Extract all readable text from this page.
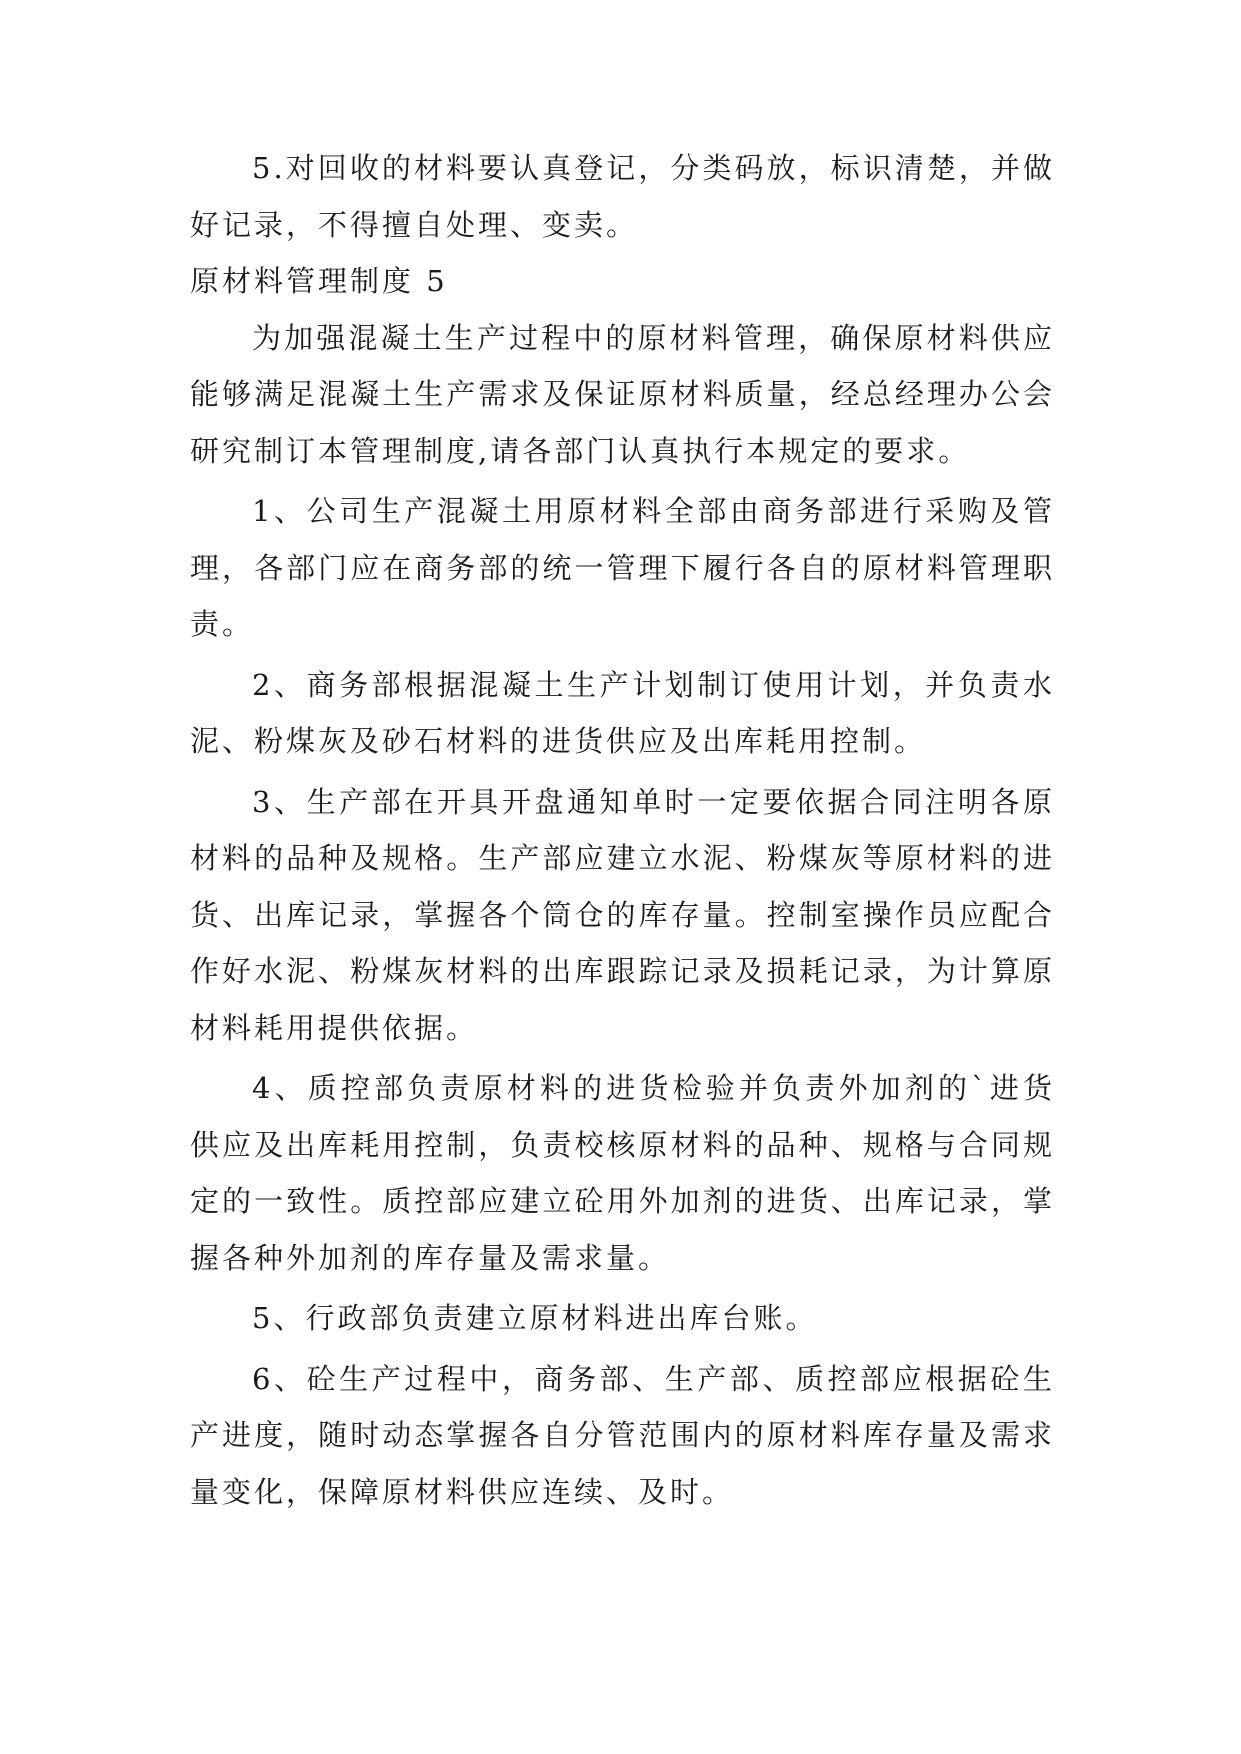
5.对回收的材料要认真登记，分类码放，标识清楚，并做好记录，不得擅自处理、变卖。

原材料管理制度 5

为加强混凝土生产过程中的原材料管理，确保原材料供应能够满足混凝土生产需求及保证原材料质量，经总经理办公会研究制订本管理制度,请各部门认真执行本规定的要求。

1、公司生产混凝土用原材料全部由商务部进行采购及管理，各部门应在商务部的统一管理下履行各自的原材料管理职责。

2、商务部根据混凝土生产计划制订使用计划，并负责水泥、粉煤灰及砂石材料的进货供应及出库耗用控制。

3、生产部在开具开盘通知单时一定要依据合同注明各原材料的品种及规格。生产部应建立水泥、粉煤灰等原材料的进货、出库记录，掌握各个筒仓的库存量。控制室操作员应配合作好水泥、粉煤灰材料的出库跟踪记录及损耗记录，为计算原材料耗用提供依据。

4、质控部负责原材料的进货检验并负责外加剂的`进货供应及出库耗用控制，负责校核原材料的品种、规格与合同规定的一致性。质控部应建立砼用外加剂的进货、出库记录，掌握各种外加剂的库存量及需求量。

5、行政部负责建立原材料进出库台账。

6、砼生产过程中，商务部、生产部、质控部应根据砼生产进度，随时动态掌握各自分管范围内的原材料库存量及需求量变化，保障原材料供应连续、及时。
